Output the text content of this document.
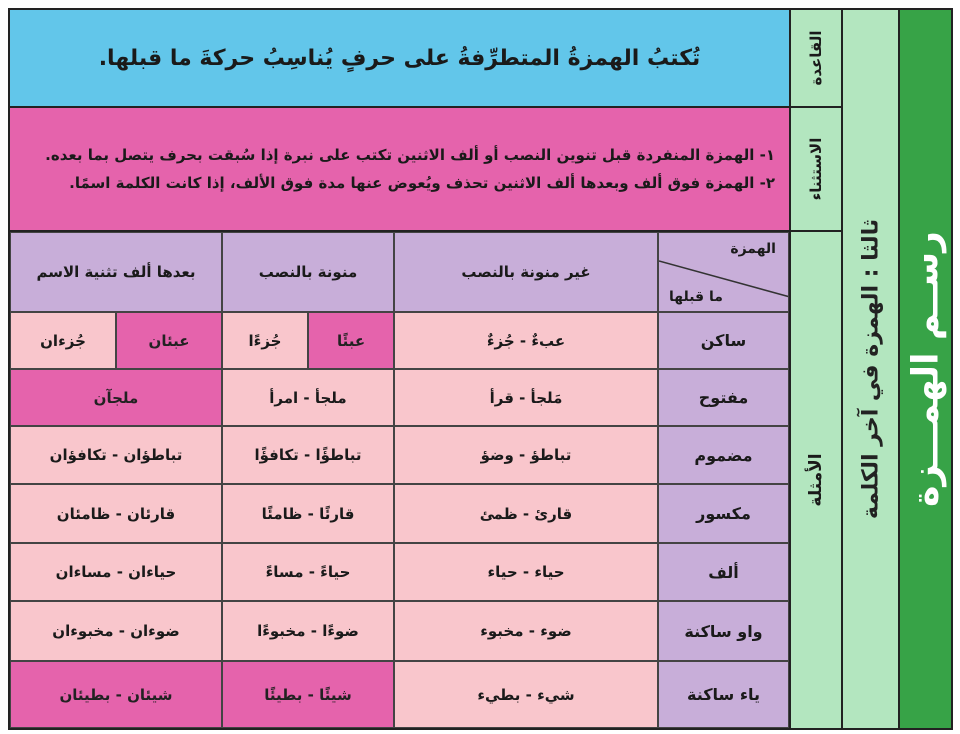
رســم الهمـــزة
ثالثا : الهمزة في آخر الكلمة
القاعدة
الاستثناء
الأمثلة
تُكتبُ الهمزةُ المتطرِّفةُ على حرفٍ يُناسِبُ حركةَ ما قبلها.
١- الهمزة المنفردة قبل تنوين النصب أو ألف الاثنين تكتب على نبرة إذا سُبقت بحرف يتصل بما بعده.
٢- الهمزة فوق ألف وبعدها ألف الاثنين تحذف ويُعوض عنها مدة فوق الألف، إذا كانت الكلمة اسمًا.
الهمزة
ما قبلها
غير منونة بالنصب
منونة بالنصب
بعدها ألف تثنية الاسم
ساكن
عبءٌ - جُزءٌ
عبئًا
جُزءًا
عبئان
جُزءان
مفتوح
مَلجأ - قرأ
ملجأ - امرأ
ملجآن
مضموم
تباطؤ - وضؤ
تباطؤًا - تكافؤًا
تباطؤان - تكافؤان
مكسور
قارئ - ظمئ
قارئًا - ظامئًا
قارئان - ظامئان
ألف
حياء - حياء
حياءً - مساءً
حياءان - مساءان
واو ساكنة
ضوء - مخبوء
ضوءًا - مخبوءًا
ضوءان - مخبوءان
ياء ساكنة
شيء - بطيء
شيئًا - بطيئًا
شيئان - بطيئان
